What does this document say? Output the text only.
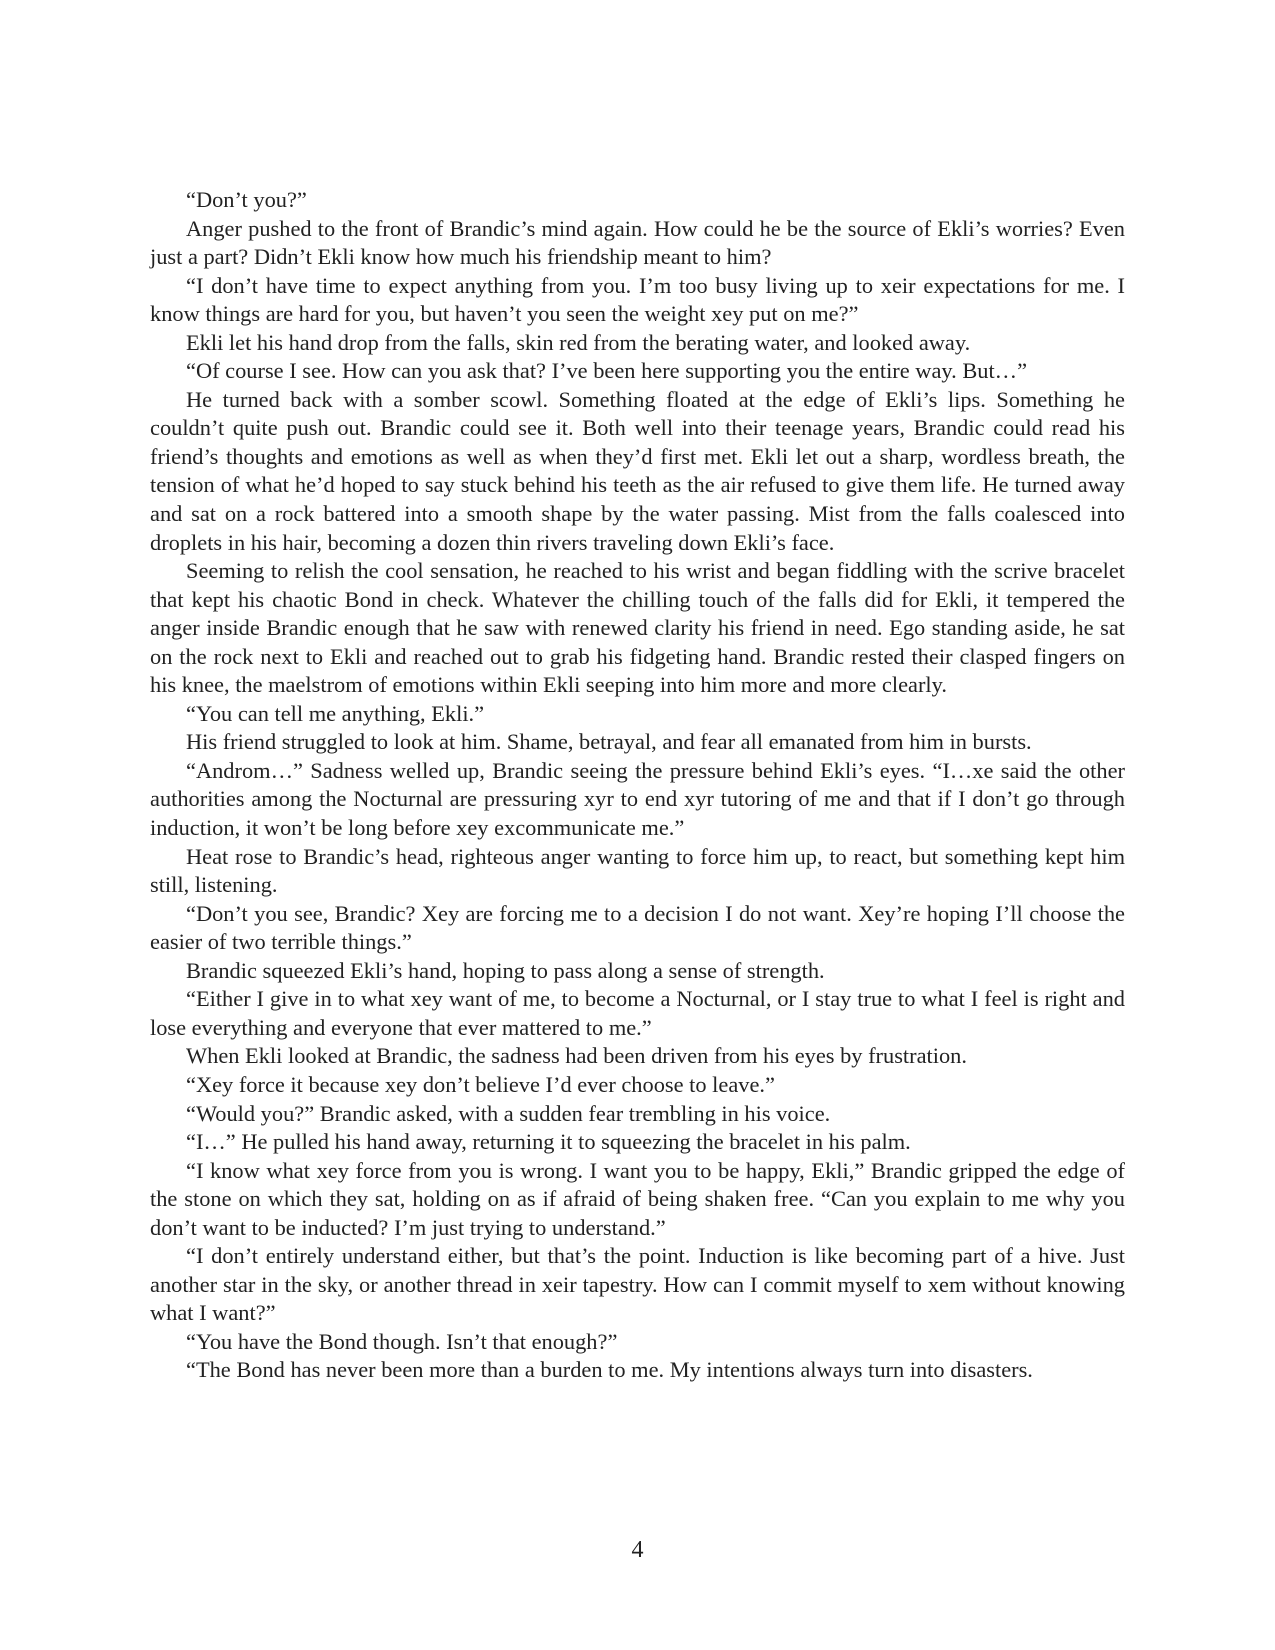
“Don’t you?”

Anger pushed to the front of Brandic’s mind again. How could he be the source of Ekli’s worries? Even just a part? Didn’t Ekli know how much his friendship meant to him?

“I don’t have time to expect anything from you. I’m too busy living up to xeir expectations for me. I know things are hard for you, but haven’t you seen the weight xey put on me?”

Ekli let his hand drop from the falls, skin red from the berating water, and looked away.

“Of course I see. How can you ask that? I’ve been here supporting you the entire way. But…”

He turned back with a somber scowl. Something floated at the edge of Ekli’s lips. Something he couldn’t quite push out. Brandic could see it. Both well into their teenage years, Brandic could read his friend’s thoughts and emotions as well as when they’d first met. Ekli let out a sharp, wordless breath, the tension of what he’d hoped to say stuck behind his teeth as the air refused to give them life. He turned away and sat on a rock battered into a smooth shape by the water passing. Mist from the falls coalesced into droplets in his hair, becoming a dozen thin rivers traveling down Ekli’s face.

Seeming to relish the cool sensation, he reached to his wrist and began fiddling with the scrive bracelet that kept his chaotic Bond in check. Whatever the chilling touch of the falls did for Ekli, it tempered the anger inside Brandic enough that he saw with renewed clarity his friend in need. Ego standing aside, he sat on the rock next to Ekli and reached out to grab his fidgeting hand. Brandic rested their clasped fingers on his knee, the maelstrom of emotions within Ekli seeping into him more and more clearly.

“You can tell me anything, Ekli.”

His friend struggled to look at him. Shame, betrayal, and fear all emanated from him in bursts.

“Androm…” Sadness welled up, Brandic seeing the pressure behind Ekli’s eyes. “I…xe said the other authorities among the Nocturnal are pressuring xyr to end xyr tutoring of me and that if I don’t go through induction, it won’t be long before xey excommunicate me.”

Heat rose to Brandic’s head, righteous anger wanting to force him up, to react, but something kept him still, listening.

“Don’t you see, Brandic? Xey are forcing me to a decision I do not want. Xey’re hoping I’ll choose the easier of two terrible things.”

Brandic squeezed Ekli’s hand, hoping to pass along a sense of strength.

“Either I give in to what xey want of me, to become a Nocturnal, or I stay true to what I feel is right and lose everything and everyone that ever mattered to me.”

When Ekli looked at Brandic, the sadness had been driven from his eyes by frustration.

“Xey force it because xey don’t believe I’d ever choose to leave.”

“Would you?” Brandic asked, with a sudden fear trembling in his voice.

“I…” He pulled his hand away, returning it to squeezing the bracelet in his palm.

“I know what xey force from you is wrong. I want you to be happy, Ekli,” Brandic gripped the edge of the stone on which they sat, holding on as if afraid of being shaken free. “Can you explain to me why you don’t want to be inducted? I’m just trying to understand.”

“I don’t entirely understand either, but that’s the point. Induction is like becoming part of a hive. Just another star in the sky, or another thread in xeir tapestry. How can I commit myself to xem without knowing what I want?”

“You have the Bond though. Isn’t that enough?”

“The Bond has never been more than a burden to me. My intentions always turn into disasters.

4
